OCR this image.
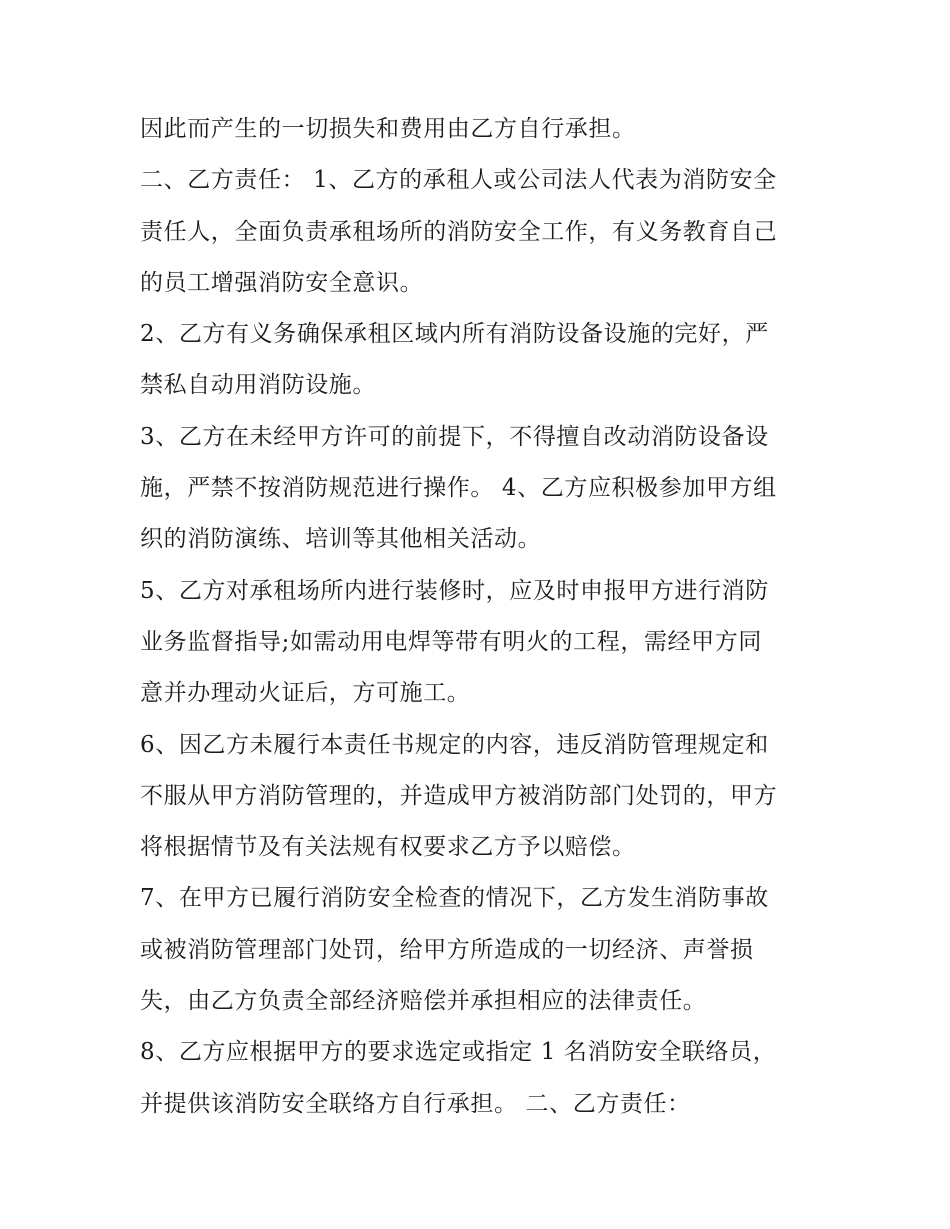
因此而产生的一切损失和费用由乙方自行承担。
二、乙方责任： 1、乙方的承租人或公司法人代表为消防安全
责任人，全面负责承租场所的消防安全工作，有义务教育自己
的员工增强消防安全意识。
2、乙方有义务确保承租区域内所有消防设备设施的完好，严
禁私自动用消防设施。
3、乙方在未经甲方许可的前提下，不得擅自改动消防设备设
施，严禁不按消防规范进行操作。 4、乙方应积极参加甲方组
织的消防演练、培训等其他相关活动。
5、乙方对承租场所内进行装修时，应及时申报甲方进行消防
业务监督指导;如需动用电焊等带有明火的工程，需经甲方同
意并办理动火证后，方可施工。
6、因乙方未履行本责任书规定的内容，违反消防管理规定和
不服从甲方消防管理的，并造成甲方被消防部门处罚的，甲方
将根据情节及有关法规有权要求乙方予以赔偿。
7、在甲方已履行消防安全检查的情况下，乙方发生消防事故
或被消防管理部门处罚，给甲方所造成的一切经济、声誉损
失，由乙方负责全部经济赔偿并承担相应的法律责任。
8、乙方应根据甲方的要求选定或指定 1 名消防安全联络员，
并提供该消防安全联络方自行承担。 二、乙方责任：
